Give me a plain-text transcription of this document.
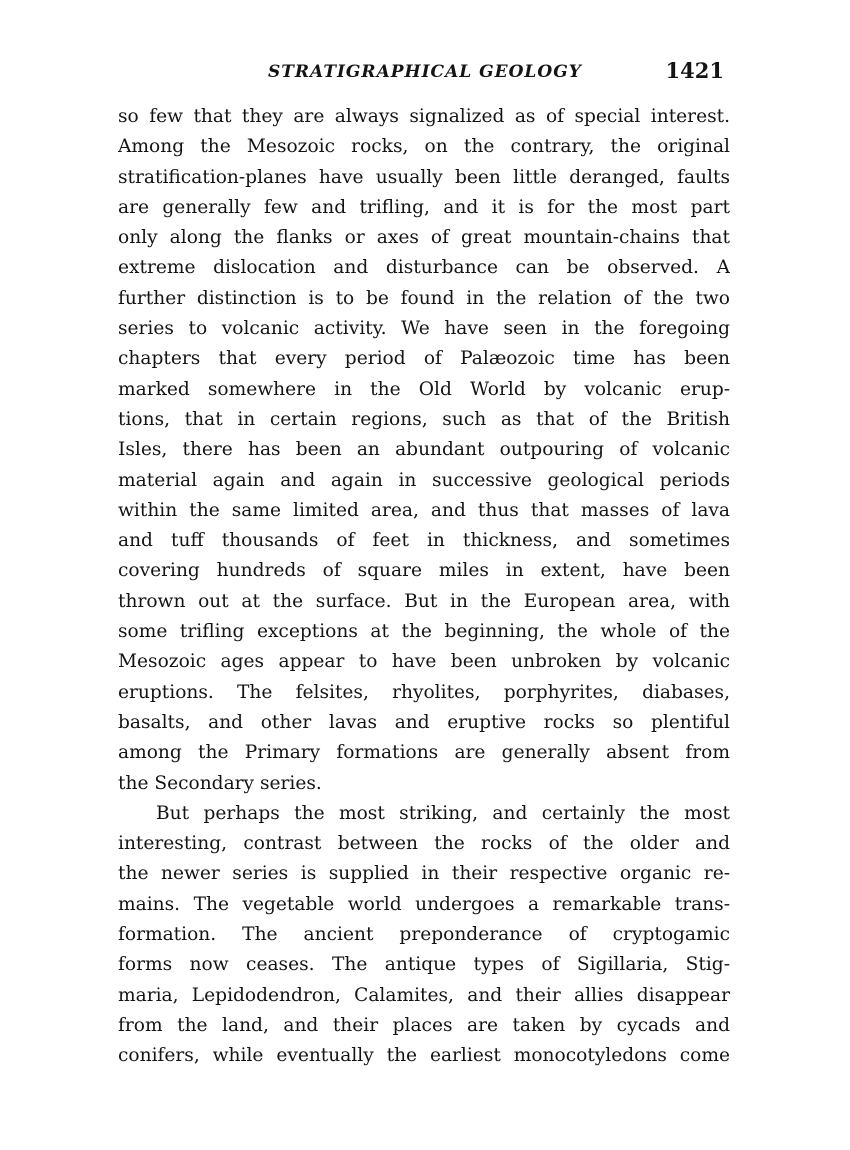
STRATIGRAPHICAL GEOLOGY	1421
so few that they are always signalized as of special interest.
Among the Mesozoic rocks, on the contrary, the original
stratification-planes have usually been little deranged, faults
are generally few and trifling, and it is for the most part
only along the flanks or axes of great mountain-chains that
extreme dislocation and disturbance can be observed. A
further distinction is to be found in the relation of the two
series to volcanic activity. We have seen in the foregoing
chapters that every period of Palæozoic time has been
marked somewhere in the Old World by volcanic erup-
tions, that in certain regions, such as that of the British
Isles, there has been an abundant outpouring of volcanic
material again and again in successive geological periods
within the same limited area, and thus that masses of lava
and tuff thousands of feet in thickness, and sometimes
covering hundreds of square miles in extent, have been
thrown out at the surface. But in the European area, with
some trifling exceptions at the beginning, the whole of the
Mesozoic ages appear to have been unbroken by volcanic
eruptions. The felsites, rhyolites, porphyrites, diabases,
basalts, and other lavas and eruptive rocks so plentiful
among the Primary formations are generally absent from
the Secondary series.
But perhaps the most striking, and certainly the most
interesting, contrast between the rocks of the older and
the newer series is supplied in their respective organic re-
mains. The vegetable world undergoes a remarkable trans-
formation. The ancient preponderance of cryptogamic
forms now ceases. The antique types of Sigillaria, Stig-
maria, Lepidodendron, Calamites, and their allies disappear
from the land, and their places are taken by cycads and
conifers, while eventually the earliest monocotyledons come
